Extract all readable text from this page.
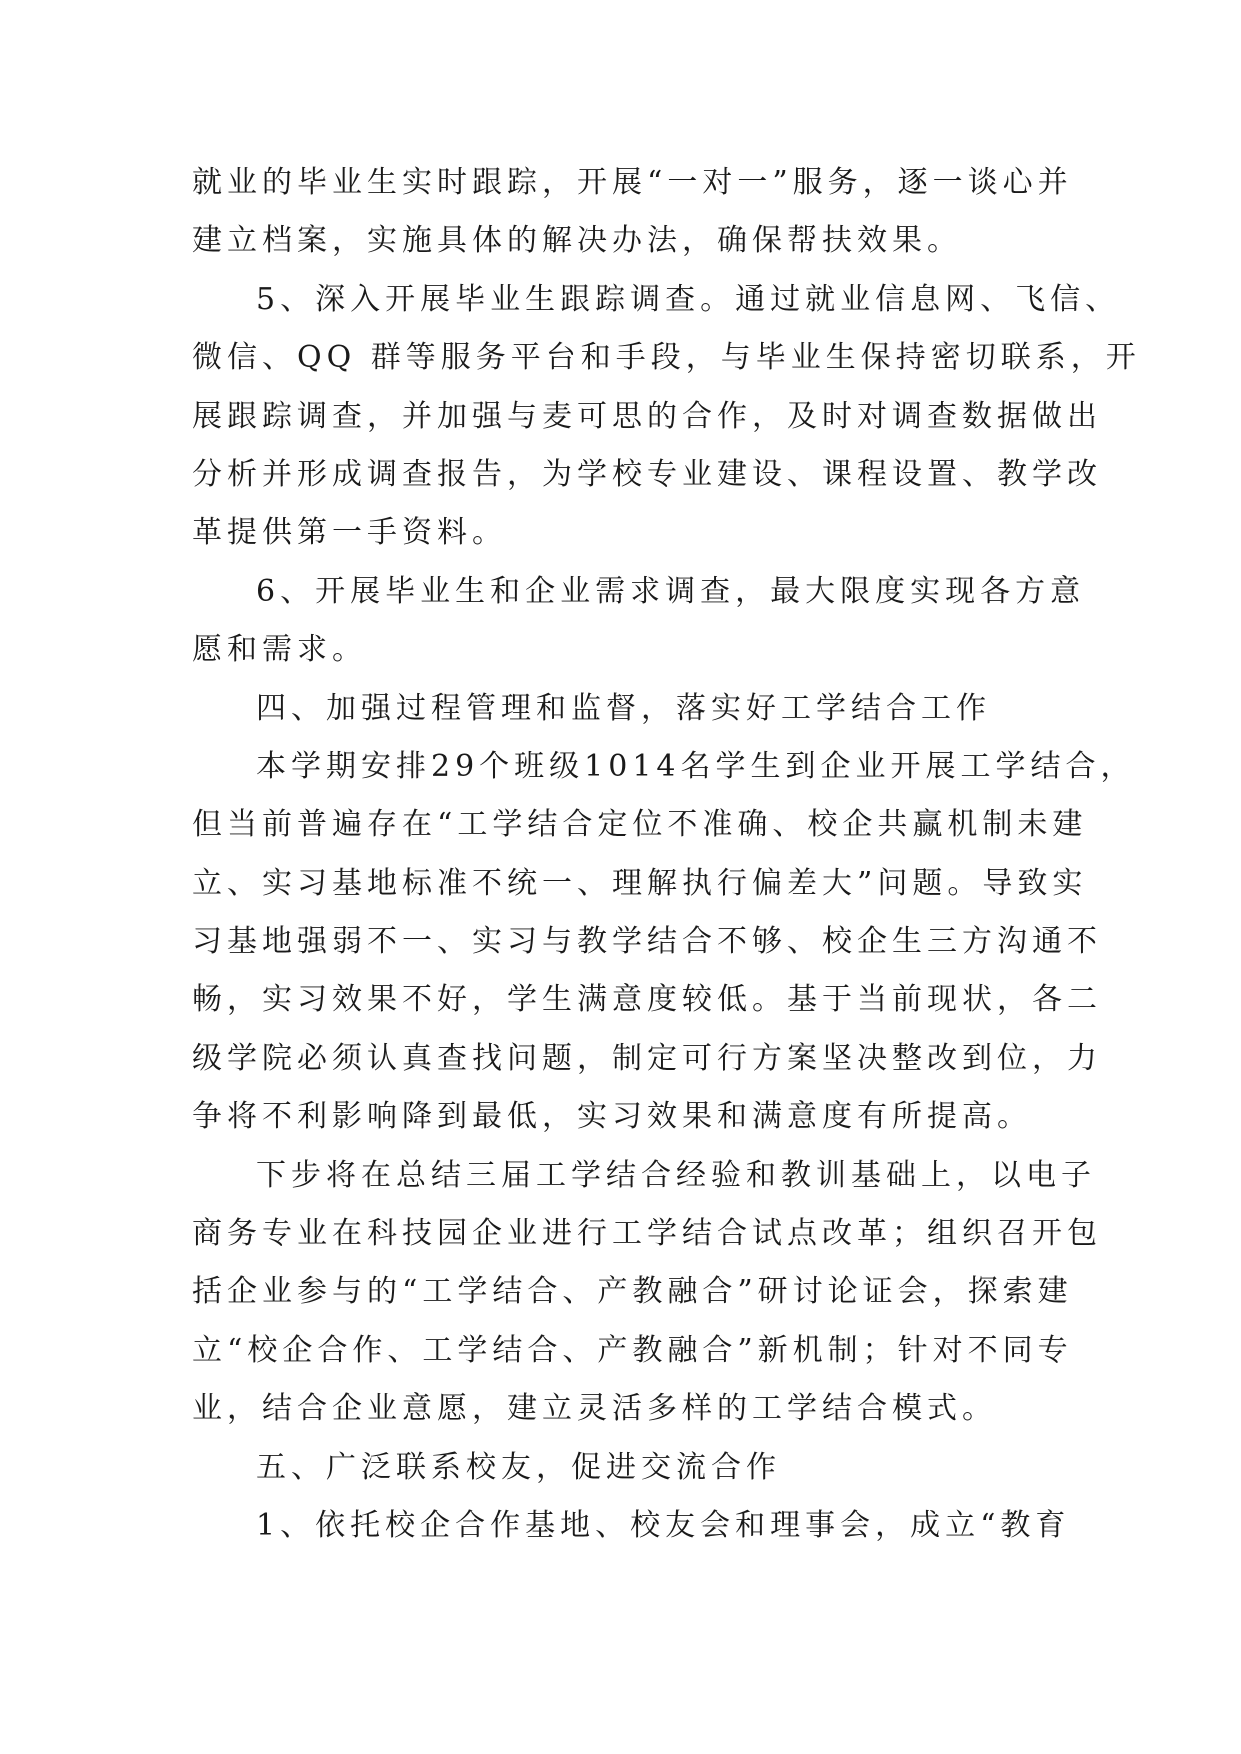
就业的毕业生实时跟踪，开展“一对一”服务，逐一谈心并
建立档案，实施具体的解决办法，确保帮扶效果。
5、深入开展毕业生跟踪调查。通过就业信息网、飞信、
微信、QQ 群等服务平台和手段，与毕业生保持密切联系，开
展跟踪调查，并加强与麦可思的合作，及时对调查数据做出
分析并形成调查报告，为学校专业建设、课程设置、教学改
革提供第一手资料。
6、开展毕业生和企业需求调查，最大限度实现各方意
愿和需求。
四、加强过程管理和监督，落实好工学结合工作
本学期安排29个班级1014名学生到企业开展工学结合，
但当前普遍存在“工学结合定位不准确、校企共赢机制未建
立、实习基地标准不统一、理解执行偏差大”问题。导致实
习基地强弱不一、实习与教学结合不够、校企生三方沟通不
畅，实习效果不好，学生满意度较低。基于当前现状，各二
级学院必须认真查找问题，制定可行方案坚决整改到位，力
争将不利影响降到最低，实习效果和满意度有所提高。
下步将在总结三届工学结合经验和教训基础上，以电子
商务专业在科技园企业进行工学结合试点改革；组织召开包
括企业参与的“工学结合、产教融合”研讨论证会，探索建
立“校企合作、工学结合、产教融合”新机制；针对不同专
业，结合企业意愿，建立灵活多样的工学结合模式。
五、广泛联系校友，促进交流合作
1、依托校企合作基地、校友会和理事会，成立“教育
